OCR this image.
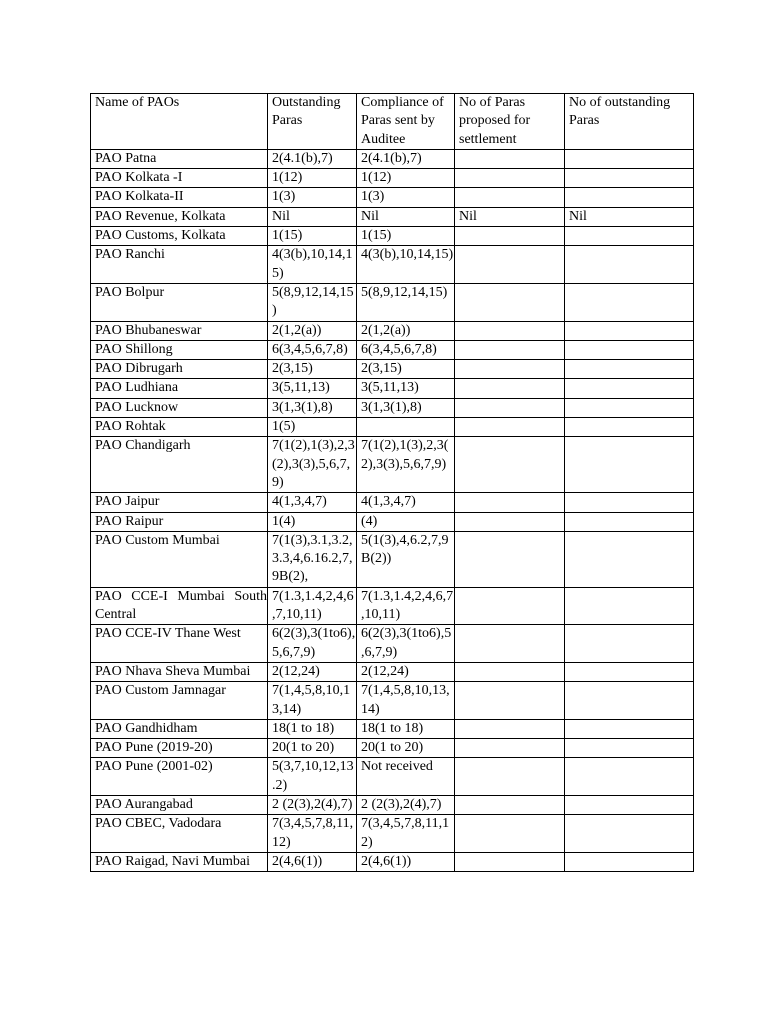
Name of PAOs	Outstanding Paras	Compliance of Paras sent by Auditee	No of Paras proposed for settlement	No of outstanding Paras
PAO Patna	2(4.1(b),7)	2(4.1(b),7)		
PAO Kolkata -I	1(12)	1(12)		
PAO Kolkata-II	1(3)	1(3)		
PAO Revenue, Kolkata	Nil	Nil	Nil	Nil
PAO Customs, Kolkata	1(15)	1(15)		
PAO Ranchi	4(3(b),10,14,15)	4(3(b),10,14,15)		
PAO Bolpur	5(8,9,12,14,15)	5(8,9,12,14,15)		
PAO Bhubaneswar	2(1,2(a))	2(1,2(a))		
PAO Shillong	6(3,4,5,6,7,8)	6(3,4,5,6,7,8)		
PAO Dibrugarh	2(3,15)	2(3,15)		
PAO Ludhiana	3(5,11,13)	3(5,11,13)		
PAO Lucknow	3(1,3(1),8)	3(1,3(1),8)		
PAO Rohtak	1(5)			
PAO Chandigarh	7(1(2),1(3),2,3(2),3(3),5,6,7,9)	7(1(2),1(3),2,3(2),3(3),5,6,7,9)		
PAO Jaipur	4(1,3,4,7)	4(1,3,4,7)		
PAO Raipur	1(4)	(4)		
PAO Custom Mumbai	7(1(3),3.1,3.2,3.3,4,6.16.2,7,9B(2),	5(1(3),4,6.2,7,9B(2))		
PAO CCE-I Mumbai South Central	7(1.3,1.4,2,4,6,7,10,11)	7(1.3,1.4,2,4,6,7,10,11)		
PAO CCE-IV Thane West	6(2(3),3(1to6),5,6,7,9)	6(2(3),3(1to6),5,6,7,9)		
PAO Nhava Sheva Mumbai	2(12,24)	2(12,24)		
PAO Custom Jamnagar	7(1,4,5,8,10,13,14)	7(1,4,5,8,10,13,14)		
PAO Gandhidham	18(1 to 18)	18(1 to 18)		
PAO Pune (2019-20)	20(1 to 20)	20(1 to 20)		
PAO Pune (2001-02)	5(3,7,10,12,13.2)	Not received		
PAO Aurangabad	2 (2(3),2(4),7)	2 (2(3),2(4),7)		
PAO CBEC, Vadodara	7(3,4,5,7,8,11,12)	7(3,4,5,7,8,11,12)		
PAO Raigad, Navi Mumbai	2(4,6(1))	2(4,6(1))		
